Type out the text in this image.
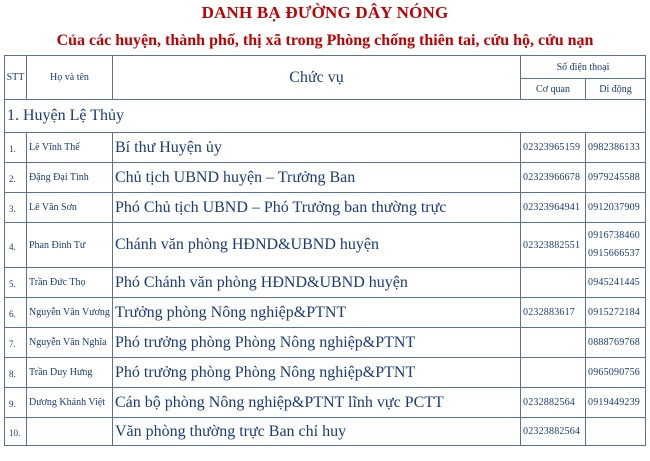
DANH BẠ ĐƯỜNG DÂY NÓNG
Của các huyện, thành phố, thị xã trong Phòng chống thiên tai, cứu hộ, cứu nạn
STT	Họ và tên	Chức vụ	Số điện thoại	
			Cơ quan	Di động
1. Huyện Lệ Thủy				
1.	Lê Vĩnh Thế	Bí thư Huyện ủy	02323965159	0982386133
2.	Đặng Đại Tình	Chủ tịch UBND huyện – Trưởng Ban	02323966678	0979245588
3.	Lê Văn Sơn	Phó Chủ tịch UBND – Phó Trưởng ban thường trực	02323964941	0912037909
4.	Phan Đình Tư	Chánh văn phòng HĐND&UBND huyện	02323882551	0916738460
0915666537

5.	Trần Đức Thọ	Phó Chánh văn phòng HĐND&UBND huyện		0945241445
6.	Nguyễn Văn Vương	Trưởng phòng Nông nghiệp&PTNT	0232883617	0915272184
7.	Nguyễn Văn Nghĩa	Phó trưởng phòng Phòng Nông nghiệp&PTNT		0888769768
8.	Trần Duy Hưng	Phó trưởng phòng Phòng Nông nghiệp&PTNT		0965090756
9.	Dương Khánh Việt	Cán bộ phòng Nông nghiệp&PTNT lĩnh vực PCTT	0232882564	0919449239
10.		Văn phòng thường trực Ban chỉ huy	02323882564	
